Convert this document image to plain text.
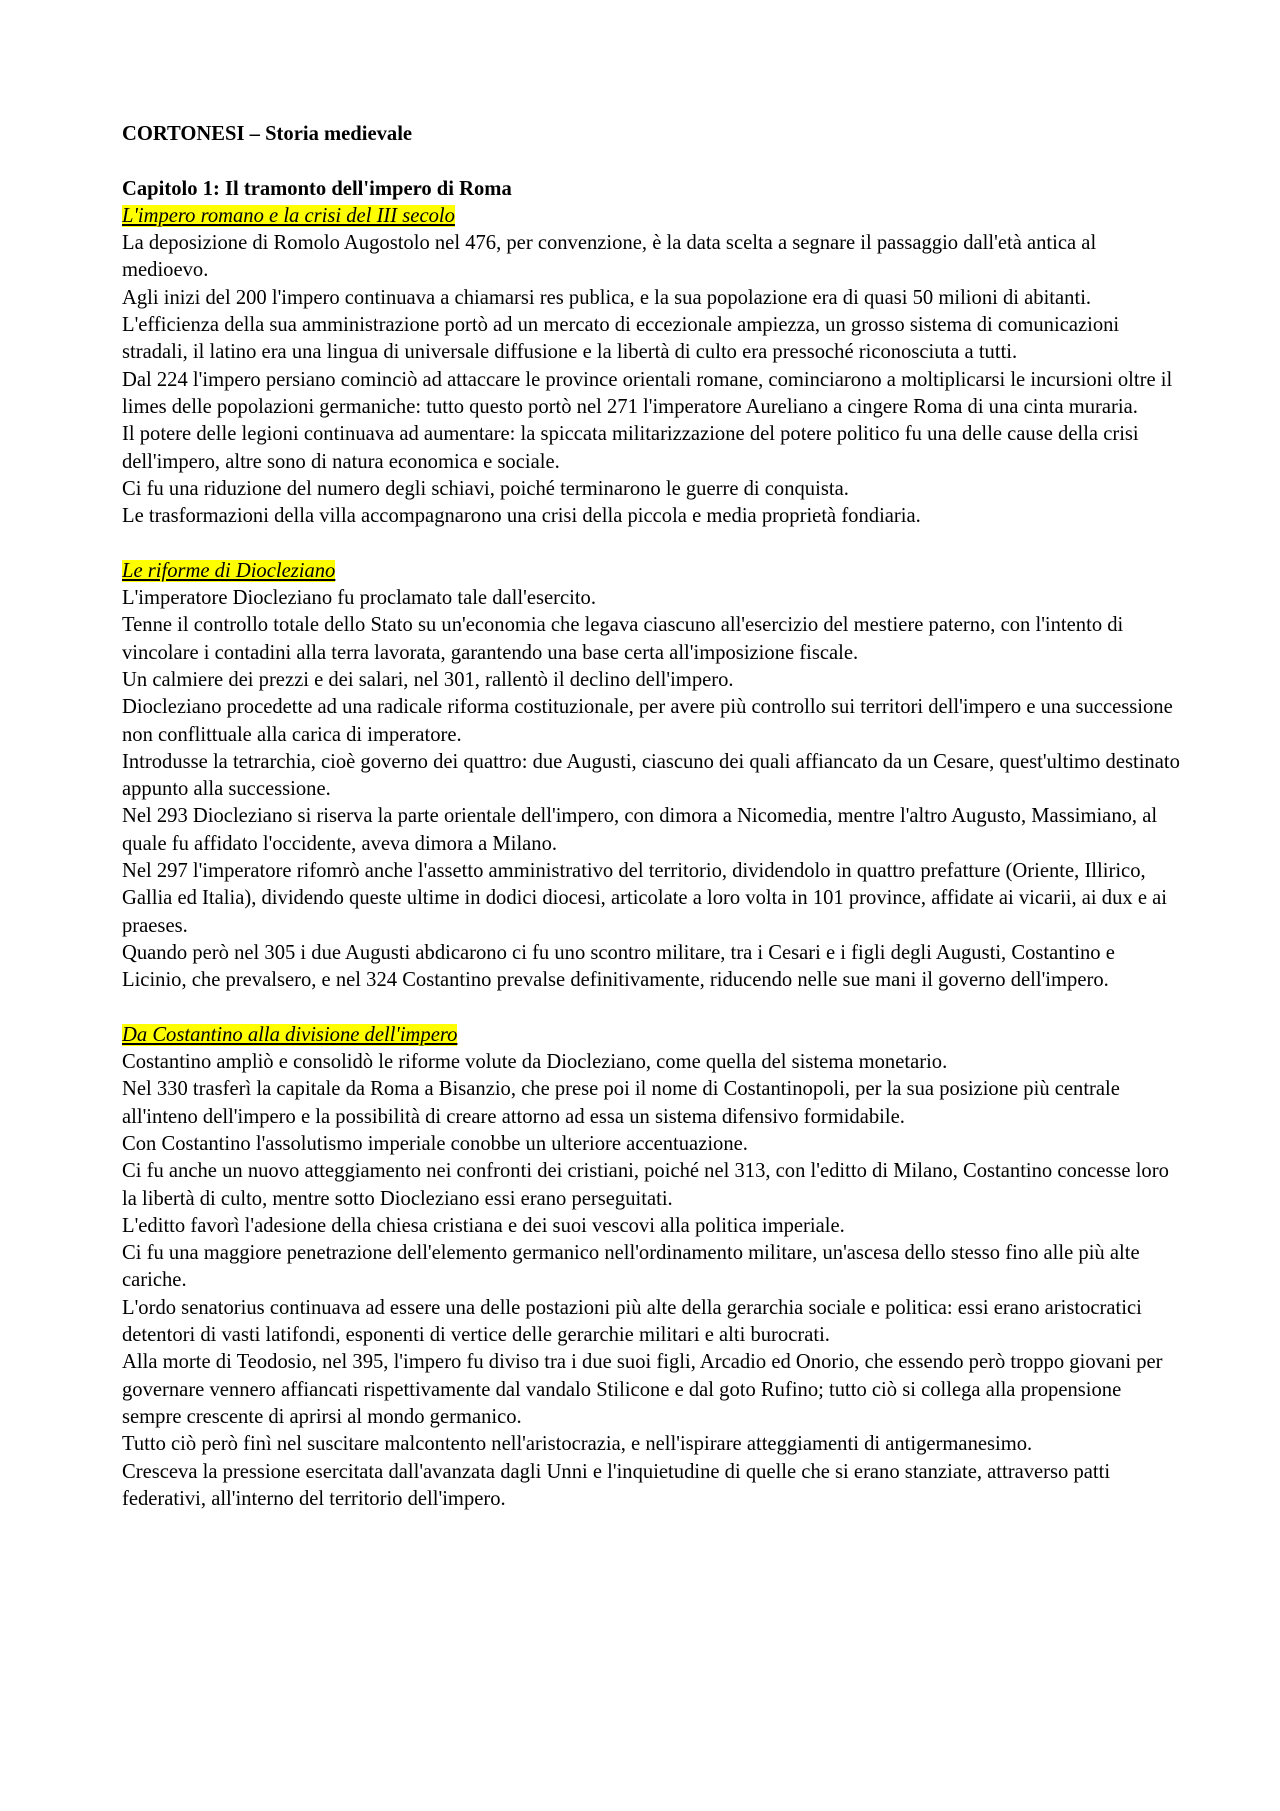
CORTONESI – Storia medievale

Capitolo 1: Il tramonto dell'impero di Roma

L'impero romano e la crisi del III secolo

La deposizione di Romolo Augostolo nel 476, per convenzione, è la data scelta a segnare il passaggio dall'età antica al medioevo.

Agli inizi del 200 l'impero continuava a chiamarsi res publica, e la sua popolazione era di quasi 50 milioni di abitanti.

L'efficienza della sua amministrazione portò ad un mercato di eccezionale ampiezza, un grosso sistema di comunicazioni stradali, il latino era una lingua di universale diffusione e la libertà di culto era pressoché riconosciuta a tutti.

Dal 224 l'impero persiano cominciò ad attaccare le province orientali romane, cominciarono a moltiplicarsi le incursioni oltre il limes delle popolazioni germaniche: tutto questo portò nel 271 l'imperatore Aureliano a cingere Roma di una cinta muraria.

Il potere delle legioni continuava ad aumentare: la spiccata militarizzazione del potere politico fu una delle cause della crisi dell'impero, altre sono di natura economica e sociale.

Ci fu una riduzione del numero degli schiavi, poiché terminarono le guerre di conquista.

Le trasformazioni della villa accompagnarono una crisi della piccola e media proprietà fondiaria.

Le riforme di Diocleziano

L'imperatore Diocleziano fu proclamato tale dall'esercito.

Tenne il controllo totale dello Stato su un'economia che legava ciascuno all'esercizio del mestiere paterno, con l'intento di vincolare i contadini alla terra lavorata, garantendo una base certa all'imposizione fiscale.

Un calmiere dei prezzi e dei salari, nel 301, rallentò il declino dell'impero.

Diocleziano procedette ad una radicale riforma costituzionale, per avere più controllo sui territori dell'impero e una successione non conflittuale alla carica di imperatore.

Introdusse la tetrarchia, cioè governo dei quattro: due Augusti, ciascuno dei quali affiancato da un Cesare, quest'ultimo destinato appunto alla successione.

Nel 293 Diocleziano si riserva la parte orientale dell'impero, con dimora a Nicomedia, mentre l'altro Augusto, Massimiano, al quale fu affidato l'occidente, aveva dimora a Milano.

Nel 297 l'imperatore rifomrò anche l'assetto amministrativo del territorio, dividendolo in quattro prefatture (Oriente, Illirico, Gallia ed Italia), dividendo queste ultime in dodici diocesi, articolate a loro volta in 101 province, affidate ai vicarii, ai dux e ai praeses.

Quando però nel 305 i due Augusti abdicarono ci fu uno scontro militare, tra i Cesari e i figli degli Augusti, Costantino e Licinio, che prevalsero, e nel 324 Costantino prevalse definitivamente, riducendo nelle sue mani il governo dell'impero.

Da Costantino alla divisione dell'impero

Costantino ampliò e consolidò le riforme volute da Diocleziano, come quella del sistema monetario.

Nel 330 trasferì la capitale da Roma a Bisanzio, che prese poi il nome di Costantinopoli, per la sua posizione più centrale all'inteno dell'impero e la possibilità di creare attorno ad essa un sistema difensivo formidabile.

Con Costantino l'assolutismo imperiale conobbe un ulteriore accentuazione.

Ci fu anche un nuovo atteggiamento nei confronti dei cristiani, poiché nel 313, con l'editto di Milano, Costantino concesse loro la libertà di culto, mentre sotto Diocleziano essi erano perseguitati.

L'editto favorì l'adesione della chiesa cristiana e dei suoi vescovi alla politica imperiale.

Ci fu una maggiore penetrazione dell'elemento germanico nell'ordinamento militare, un'ascesa dello stesso fino alle più alte cariche.

L'ordo senatorius continuava ad essere una delle postazioni più alte della gerarchia sociale e politica: essi erano aristocratici detentori di vasti latifondi, esponenti di vertice delle gerarchie militari e alti burocrati.

Alla morte di Teodosio, nel 395, l'impero fu diviso tra i due suoi figli, Arcadio ed Onorio, che essendo però troppo giovani per governare vennero affiancati rispettivamente dal vandalo Stilicone e dal goto Rufino; tutto ciò si collega alla propensione sempre crescente di aprirsi al mondo germanico.

Tutto ciò però finì nel suscitare malcontento nell'aristocrazia, e nell'ispirare atteggiamenti di antigermanesimo.

Cresceva la pressione esercitata dall'avanzata dagli Unni e l'inquietudine di quelle che si erano stanziate, attraverso patti federativi, all'interno del territorio dell'impero.
